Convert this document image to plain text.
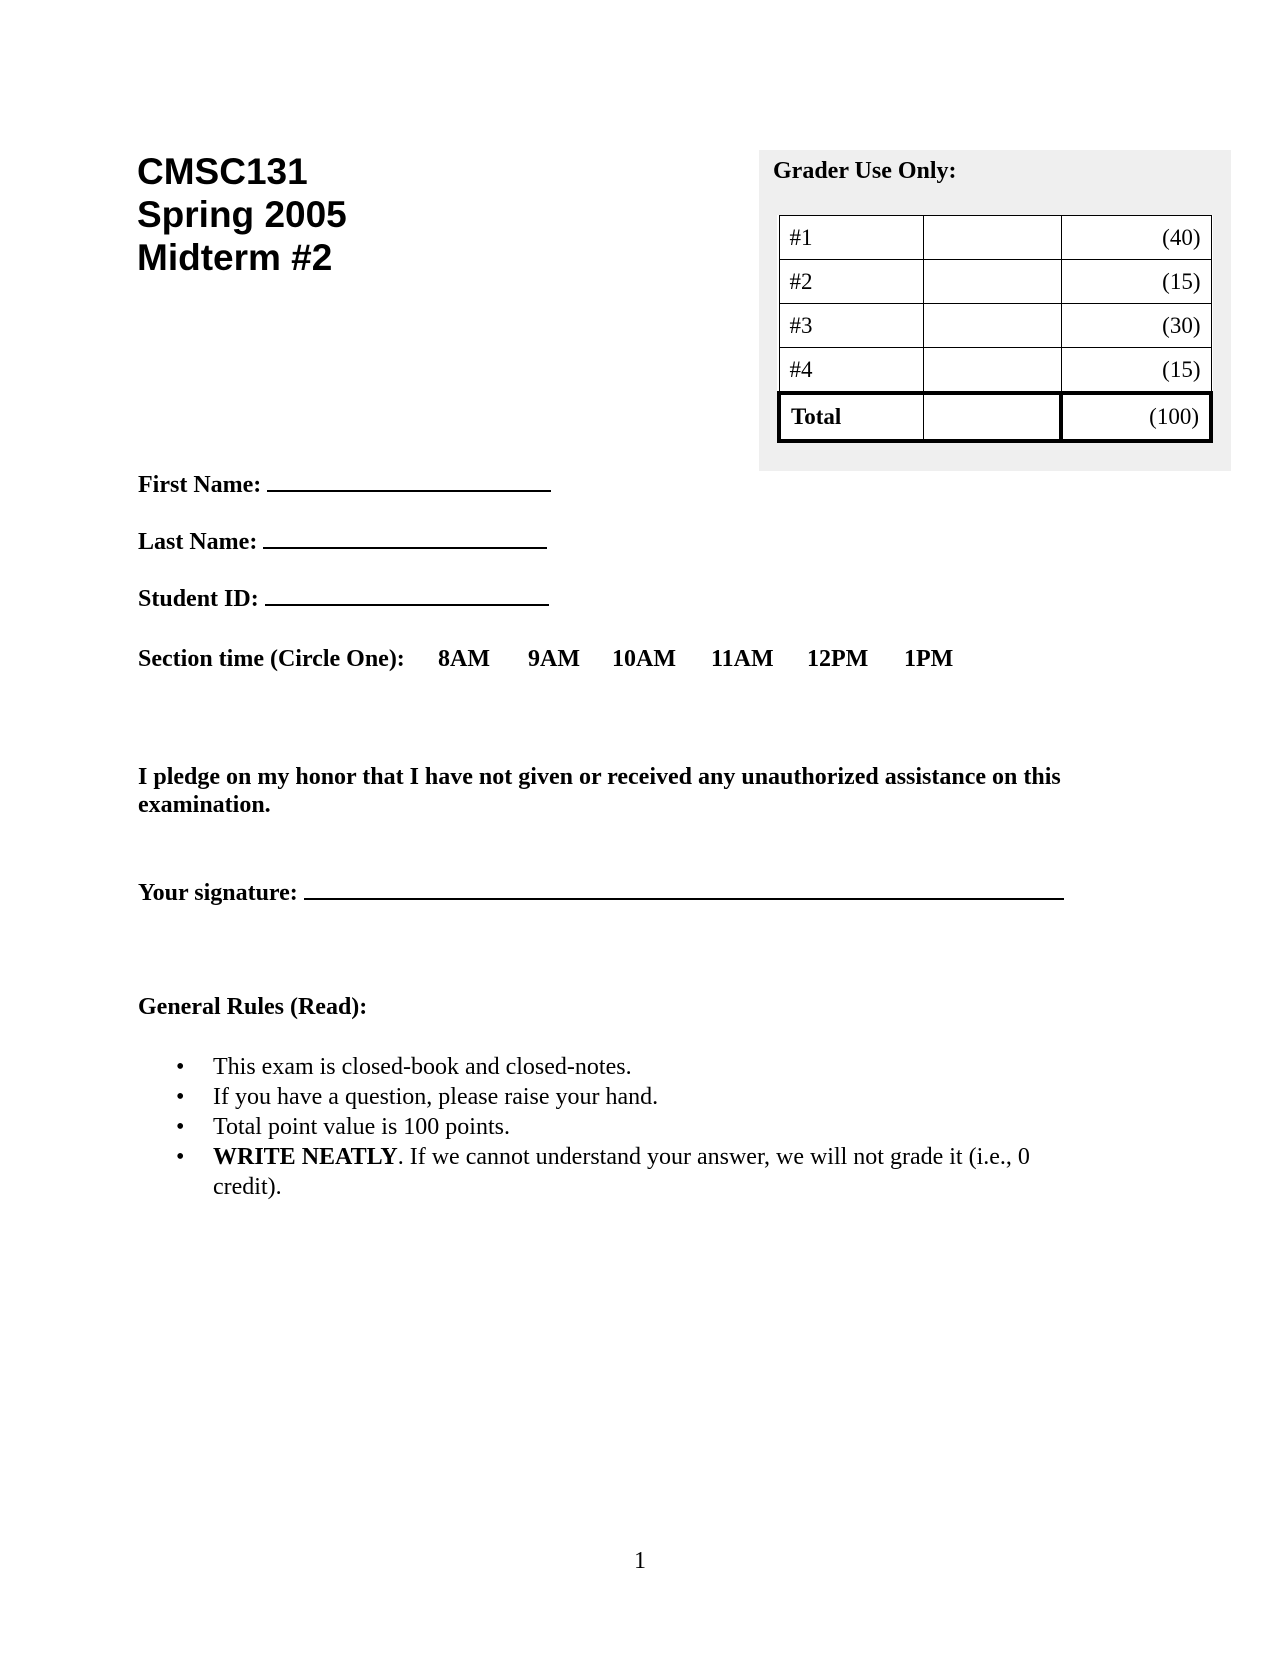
CMSC131
Spring 2005
Midterm #2
Grader Use Only:
#1		(40)
#2		(15)
#3		(30)
#4		(15)
Total		(100)
First Name:
Last Name:
Student ID:
Section time (Circle One): 8AM 9AM 10AM 11AM 12PM 1PM
I pledge on my honor that I have not given or received any unauthorized assistance on this examination.
Your signature:
General Rules (Read):
• This exam is closed-book and closed-notes.
• If you have a question, please raise your hand.
• Total point value is 100 points.
• WRITE NEATLY. If we cannot understand your answer, we will not grade it (i.e., 0 credit).
1
